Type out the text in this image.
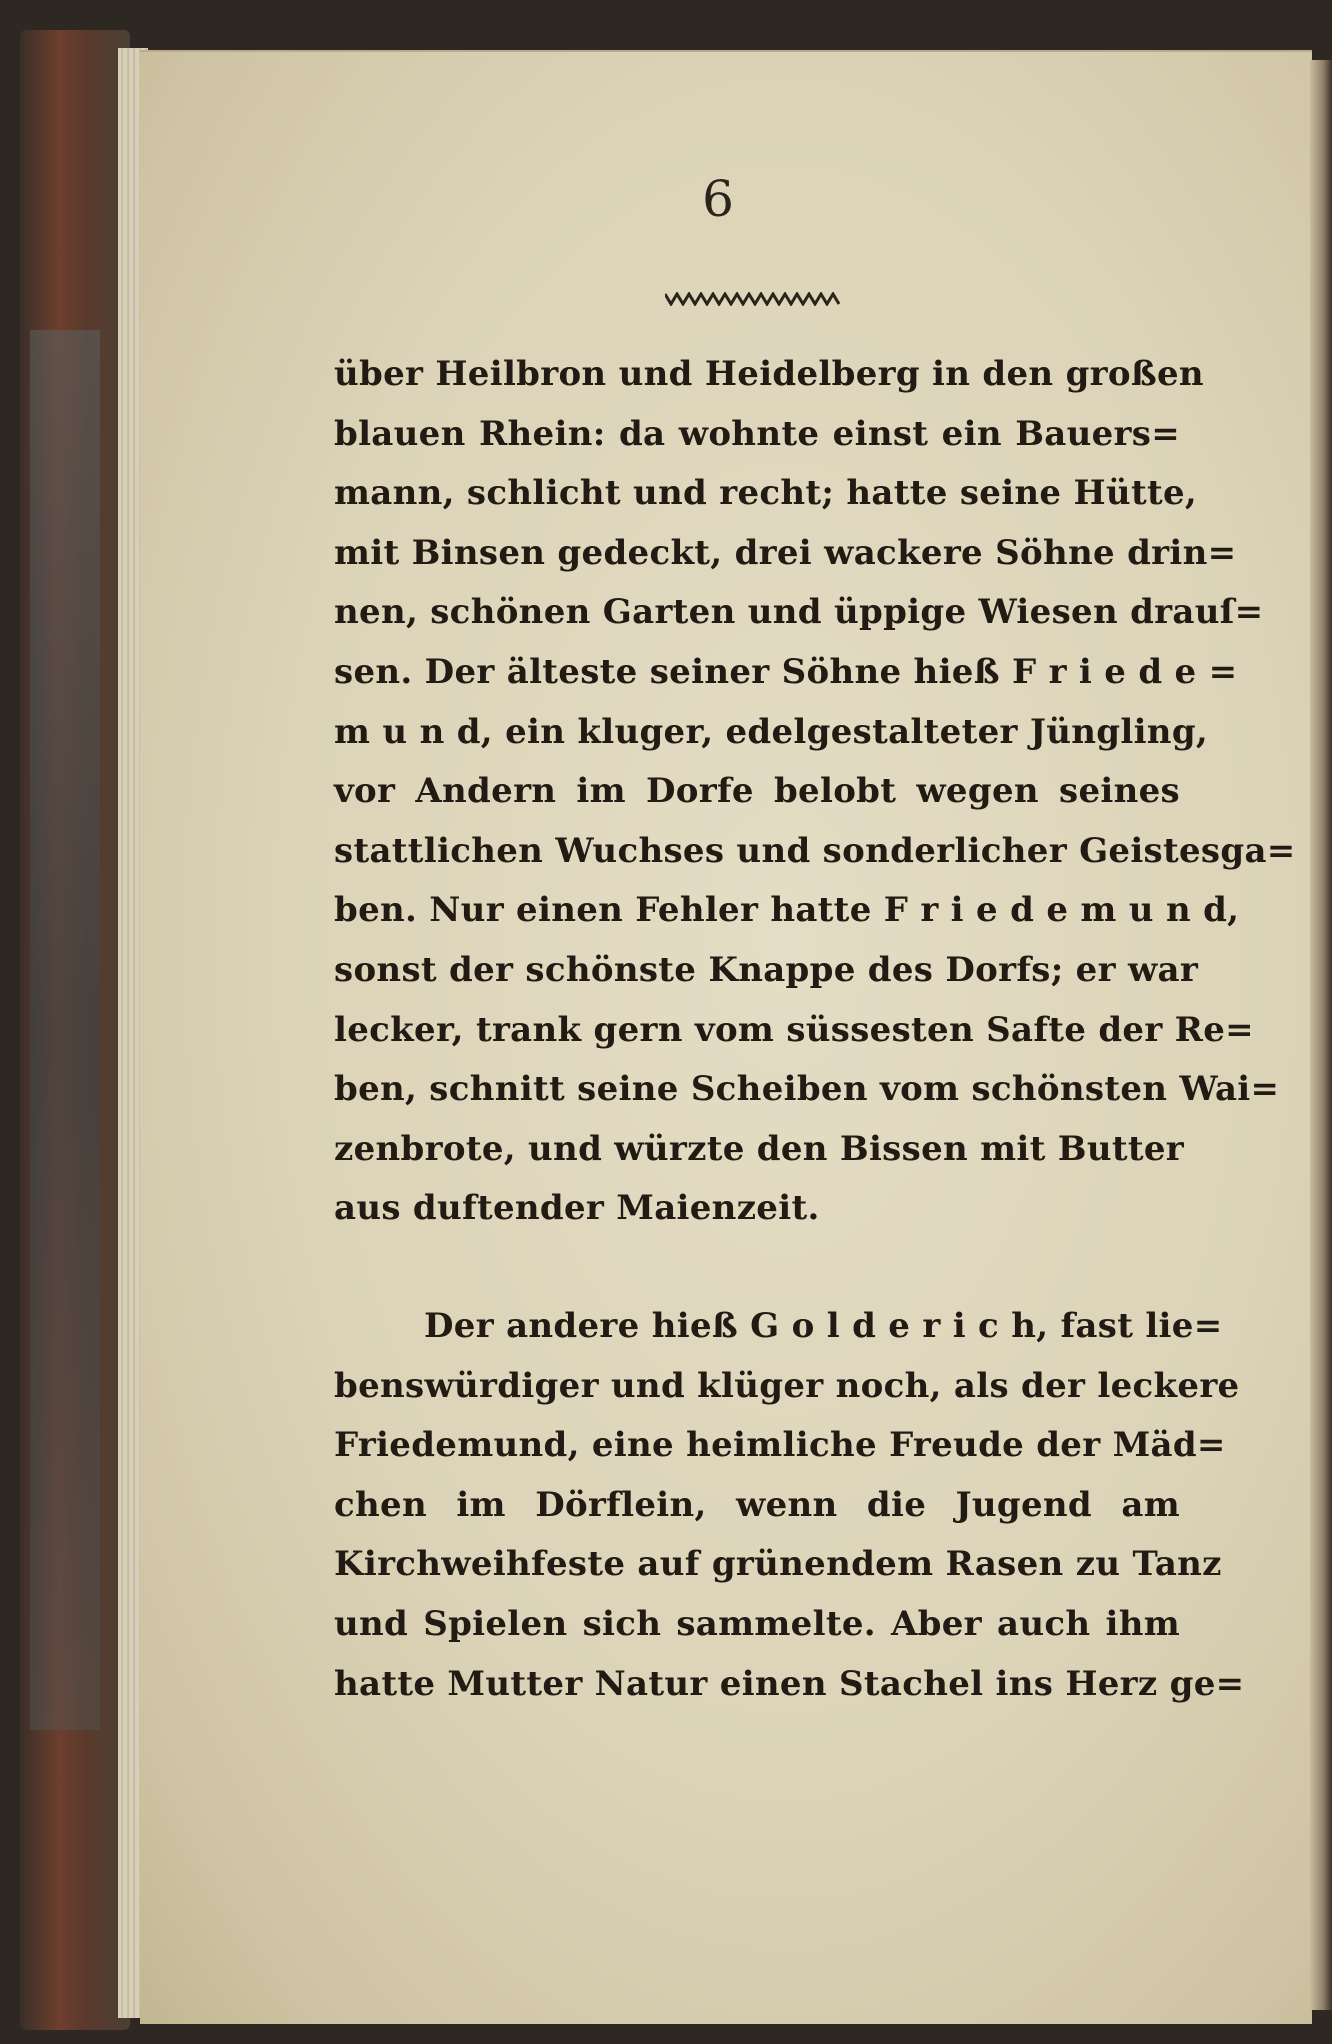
6
über Heilbron und Heidelberg in den großen
blauen Rhein: da wohnte einst ein Bauers=
mann, schlicht und recht; hatte seine Hütte,
mit Binsen gedeckt, drei wackere Söhne drin=
nen, schönen Garten und üppige Wiesen drauſ=
sen. Der älteste seiner Söhne hieß F r i e d e =
m u n d, ein kluger, edelgestalteter Jüngling,
vor Andern im Dorfe belobt wegen seines
stattlichen Wuchses und sonderlicher Geistesga=
ben. Nur einen Fehler hatte F r i e d e m u n d,
sonst der schönste Knappe des Dorfs; er war
lecker, trank gern vom süssesten Safte der Re=
ben, schnitt seine Scheiben vom schönsten Wai=
zenbrote, und würzte den Bissen mit Butter
aus duftender Maienzeit.
Der andere hieß G o l d e r i c h, fast lie=
benswürdiger und klüger noch, als der leckere
Friedemund, eine heimliche Freude der Mäd=
chen im Dörflein, wenn die Jugend am
Kirchweihfeste auf grünendem Rasen zu Tanz
und Spielen sich sammelte. Aber auch ihm
hatte Mutter Natur einen Stachel ins Herz ge=
